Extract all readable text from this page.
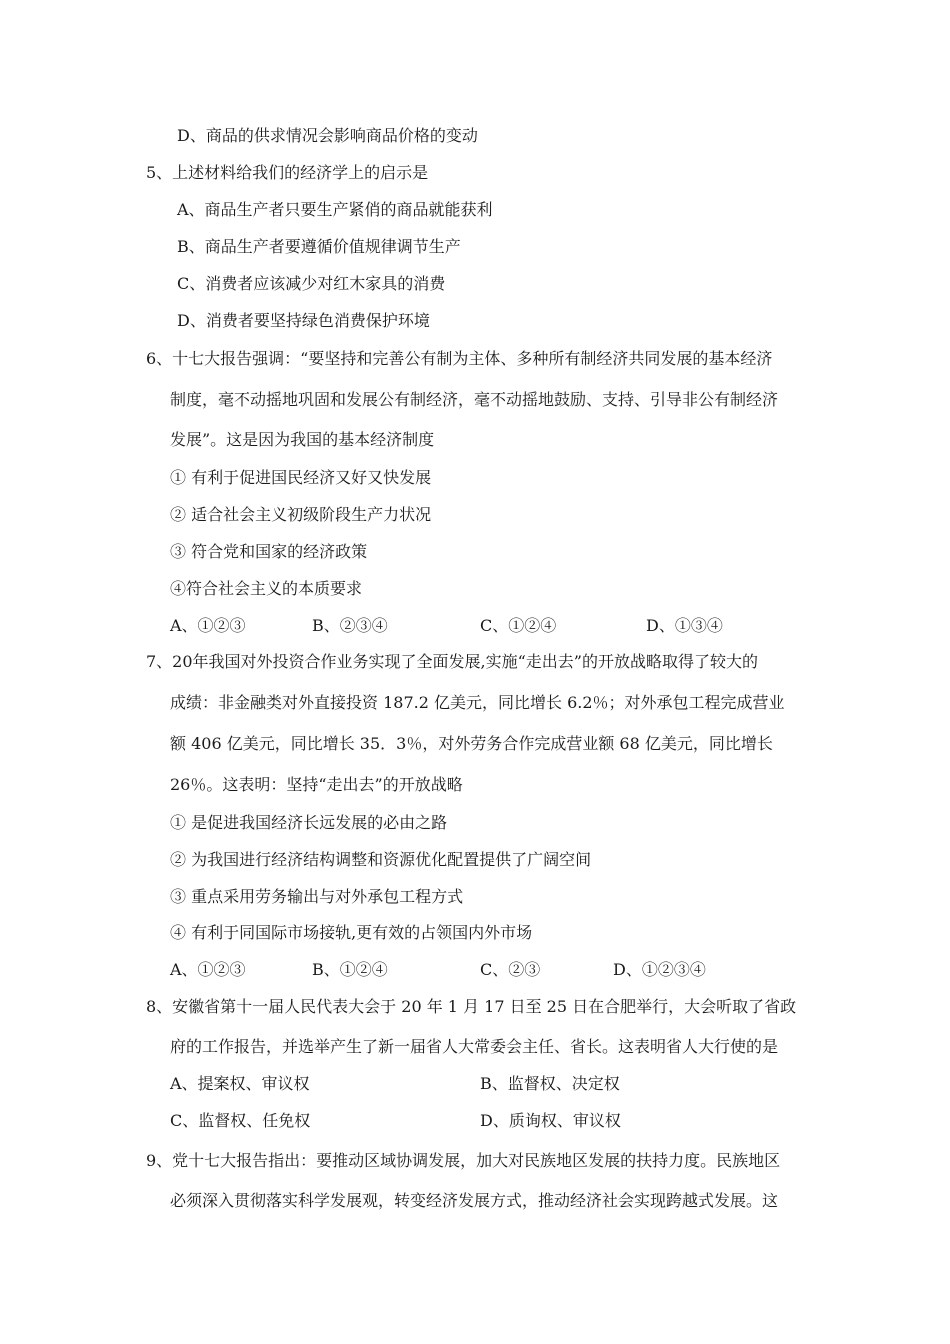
D、商品的供求情况会影响商品价格的变动
5、上述材料给我们的经济学上的启示是
A、商品生产者只要生产紧俏的商品就能获利
B、商品生产者要遵循价值规律调节生产
C、消费者应该减少对红木家具的消费
D、消费者要坚持绿色消费保护环境
6、十七大报告强调：“要坚持和完善公有制为主体、多种所有制经济共同发展的基本经济
制度，毫不动摇地巩固和发展公有制经济，毫不动摇地鼓励、支持、引导非公有制经济
发展”。这是因为我国的基本经济制度
① 有利于促进国民经济又好又快发展
② 适合社会主义初级阶段生产力状况
③ 符合党和国家的经济政策
④符合社会主义的本质要求
A、①②③	B、②③④	C、①②④	D、①③④
7、20年我国对外投资合作业务实现了全面发展,实施“走出去”的开放战略取得了较大的
成绩：非金融类对外直接投资 187.2 亿美元，同比增长 6.2％；对外承包工程完成营业
额 406 亿美元，同比增长 35．3％，对外劳务合作完成营业额 68 亿美元，同比增长
26％。这表明：坚持“走出去”的开放战略
① 是促进我国经济长远发展的必由之路
② 为我国进行经济结构调整和资源优化配置提供了广阔空间
③ 重点采用劳务输出与对外承包工程方式
④ 有利于同国际市场接轨,更有效的占领国内外市场
A、①②③	B、①②④	C、②③	D、①②③④
8、安徽省第十一届人民代表大会于 20 年 1 月 17 日至 25 日在合肥举行，大会听取了省政
府的工作报告，并选举产生了新一届省人大常委会主任、省长。这表明省人大行使的是
A、提案权、审议权	B、监督权、决定权
C、监督权、任免权	D、质询权、审议权
9、党十七大报告指出：要推动区域协调发展，加大对民族地区发展的扶持力度。民族地区
必须深入贯彻落实科学发展观，转变经济发展方式，推动经济社会实现跨越式发展。这
